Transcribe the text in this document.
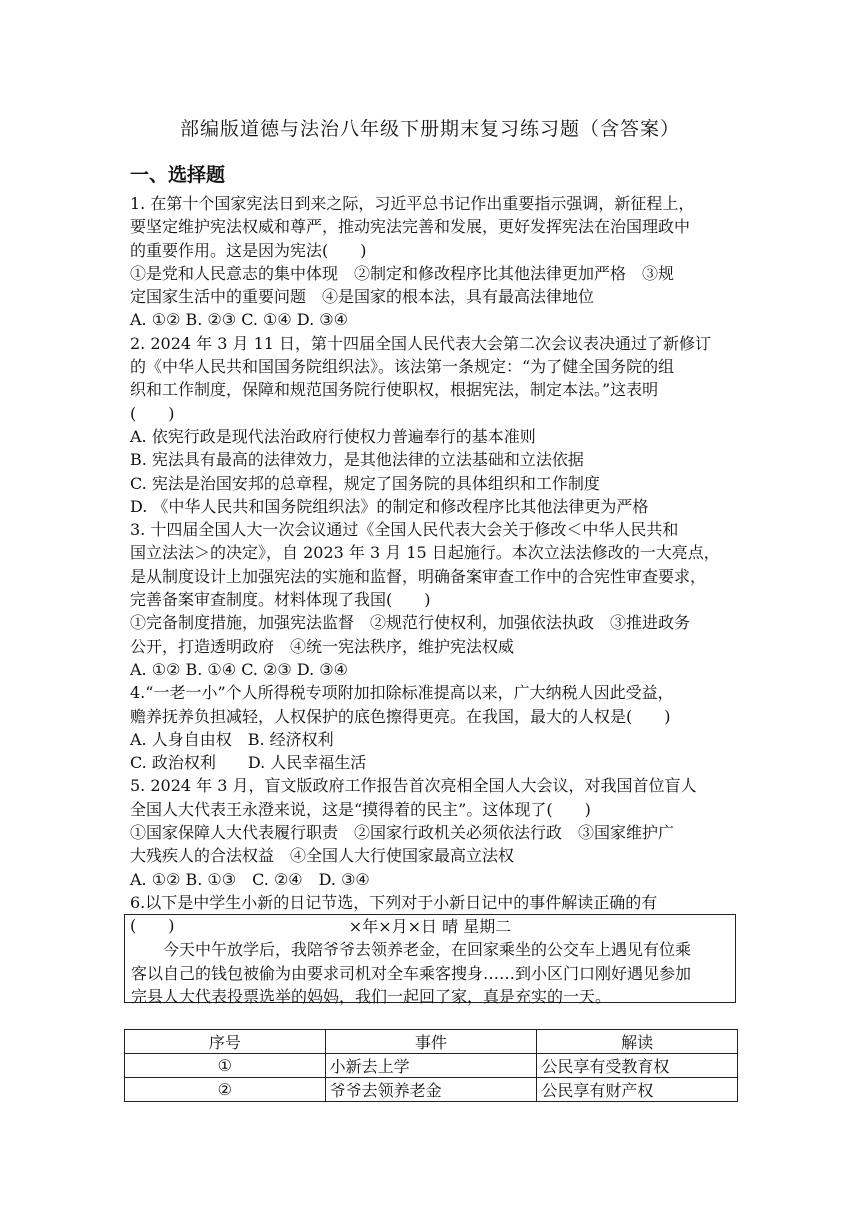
部编版道德与法治八年级下册期末复习练习题（含答案）
一、选择题

1. 在第十个国家宪法日到来之际，习近平总书记作出重要指示强调，新征程上，

要坚定维护宪法权威和尊严，推动宪法完善和发展，更好发挥宪法在治国理政中

的重要作用。这是因为宪法(　　)

①是党和人民意志的集中体现　②制定和修改程序比其他法律更加严格　③规

定国家生活中的重要问题　④是国家的根本法，具有最高法律地位

A. ①② B. ②③ C. ①④ D. ③④

2. 2024 年 3 月 11 日，第十四届全国人民代表大会第二次会议表决通过了新修订

的《中华人民共和国国务院组织法》。该法第一条规定：“为了健全国务院的组

织和工作制度，保障和规范国务院行使职权，根据宪法，制定本法。”这表明

(　　)

A. 依宪行政是现代法治政府行使权力普遍奉行的基本准则

B. 宪法具有最高的法律效力，是其他法律的立法基础和立法依据

C. 宪法是治国安邦的总章程，规定了国务院的具体组织和工作制度

D. 《中华人民共和国务院组织法》的制定和修改程序比其他法律更为严格

3. 十四届全国人大一次会议通过《全国人民代表大会关于修改＜中华人民共和

国立法法＞的决定》，自 2023 年 3 月 15 日起施行。本次立法法修改的一大亮点，

是从制度设计上加强宪法的实施和监督，明确备案审查工作中的合宪性审查要求，

完善备案审查制度。材料体现了我国(　　)

①完备制度措施，加强宪法监督　②规范行使权利，加强依法执政　③推进政务

公开，打造透明政府　④统一宪法秩序，维护宪法权威

A. ①② B. ①④ C. ②③ D. ③④

4.“一老一小”个人所得税专项附加扣除标准提高以来，广大纳税人因此受益，

赡养抚养负担减轻，人权保护的底色擦得更亮。在我国，最大的人权是(　　)

A. 人身自由权　B. 经济权利

C. 政治权利　　D. 人民幸福生活

5. 2024 年 3 月，盲文版政府工作报告首次亮相全国人大会议，对我国首位盲人

全国人大代表王永澄来说，这是“摸得着的民主”。这体现了(　　)

①国家保障人大代表履行职责　②国家行政机关必须依法行政　③国家维护广

大残疾人的合法权益　④全国人大行使国家最高立法权

A. ①② B. ①③　C. ②④　D. ③④

6.以下是中学生小新的日记节选，下列对于小新日记中的事件解读正确的有

(　　)	×年×月×日 晴 星期二
今天中午放学后，我陪爷爷去领养老金，在回家乘坐的公交车上遇见有位乘
客以自己的钱包被偷为由要求司机对全车乘客搜身……到小区门口刚好遇见参加
完县人大代表投票选举的妈妈，我们一起回了家，真是充实的一天。
序号	事件	解读
①	小新去上学	公民享有受教育权
②	爷爷去领养老金	公民享有财产权
